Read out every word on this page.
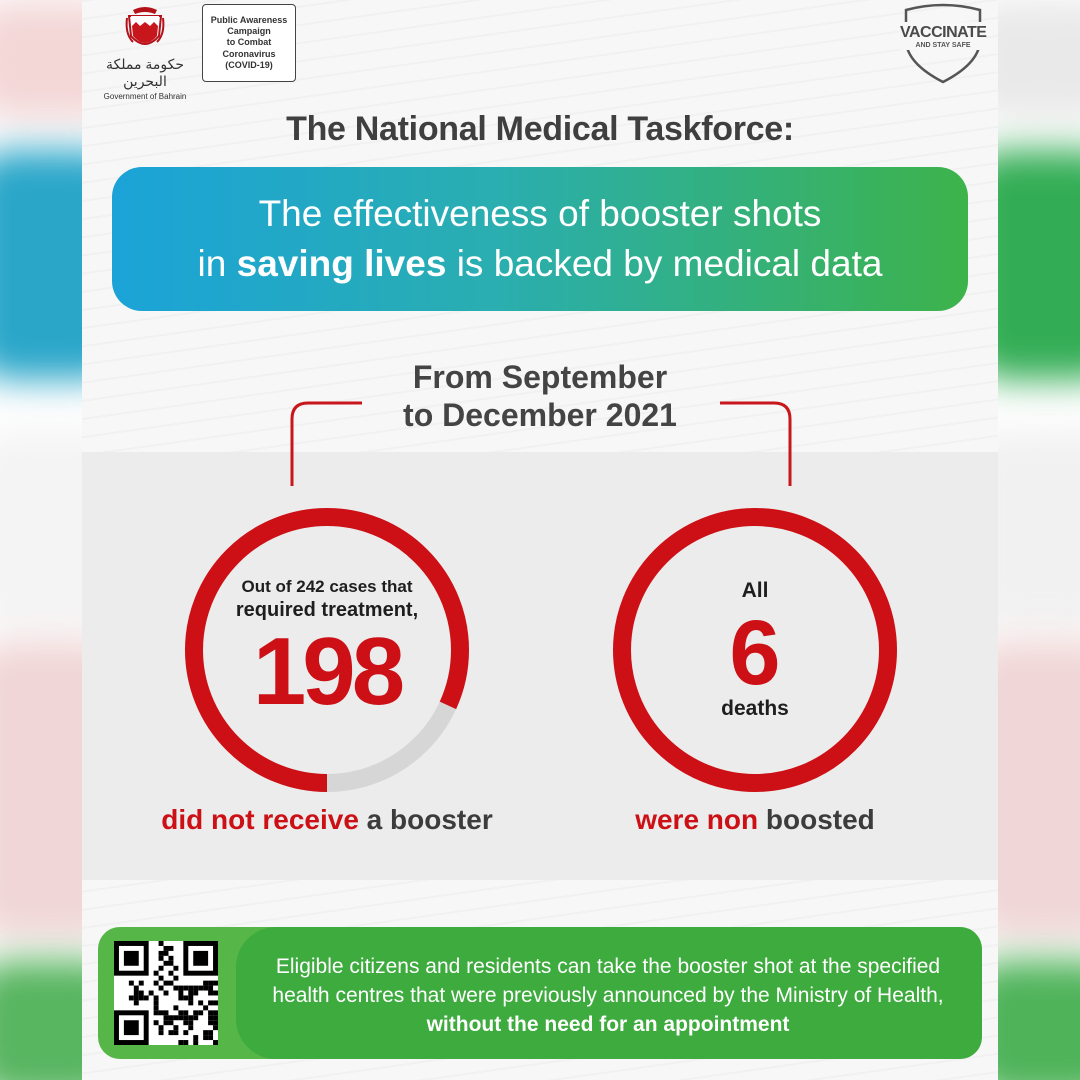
حكومة مملكة البحرين
Government of Bahrain
Public Awareness
Campaign
to Combat
Coronavirus
(COVID-19)
VACCINATE
AND STAY SAFE
The National Medical Taskforce:
The effectiveness of booster shots
in saving lives is backed by medical data
From September
to December 2021
Out of 242 cases that
required treatment,
198
All
6
deaths
did not receive a booster	were non boosted
Eligible citizens and residents can take the booster shot at the specified health centres that were previously announced by the Ministry of Health, without the need for an appointment
